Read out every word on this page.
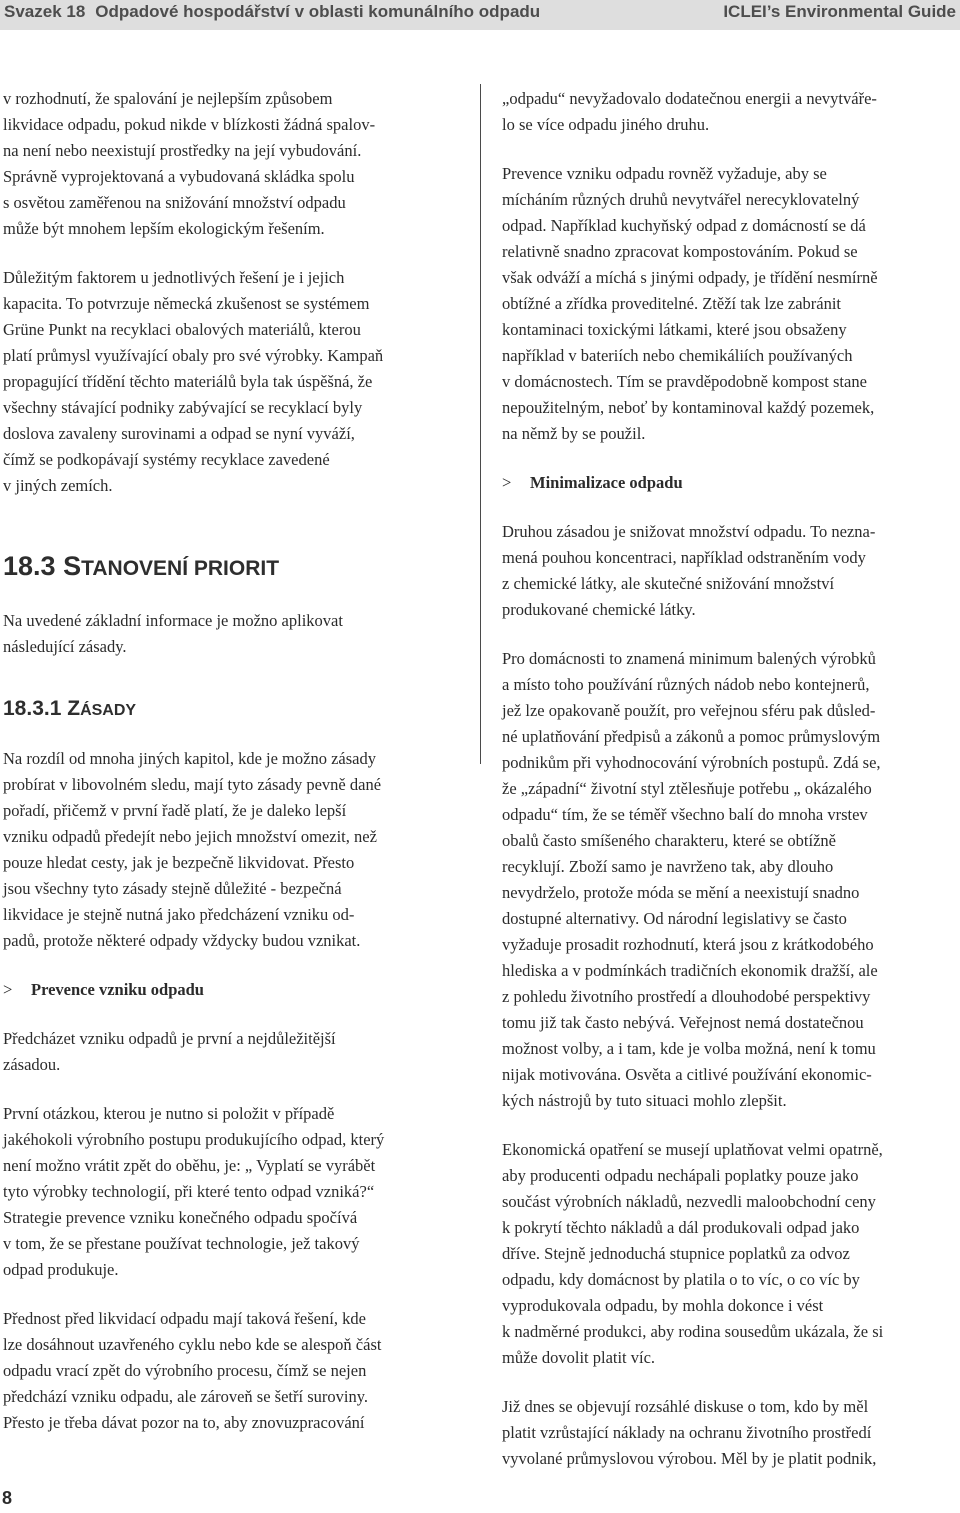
Svazek 18 Odpadové hospodářství v oblasti komunálního odpadu	ICLEI’s Environmental Guide

v rozhodnutí, že spalování je nejlepším způsobem
likvidace odpadu, pokud nikde v blízkosti žádná spalov-
na není nebo neexistují prostředky na její vybudování.
Správně vyprojektovaná a vybudovaná skládka spolu
s osvětou zaměřenou na snižování množství odpadu
může být mnohem lepším ekologickým řešením.

Důležitým faktorem u jednotlivých řešení je i jejich
kapacita. To potvrzuje německá zkušenost se systémem
Grüne Punkt na recyklaci obalových materiálů, kterou
platí průmysl využívající obaly pro své výrobky. Kampaň
propagující třídění těchto materiálů byla tak úspěšná, že
všechny stávající podniky zabývající se recyklací byly
doslova zavaleny surovinami a odpad se nyní vyváží,
čímž se podkopávají systémy recyklace zavedené
v jiných zemích.

18.3 STANOVENÍ PRIORIT

Na uvedené základní informace je možno aplikovat
následující zásady.

18.3.1 ZÁSADY

Na rozdíl od mnoha jiných kapitol, kde je možno zásady
probírat v libovolném sledu, mají tyto zásady pevně dané
pořadí, přičemž v první řadě platí, že je daleko lepší
vzniku odpadů předejít nebo jejich množství omezit, než
pouze hledat cesty, jak je bezpečně likvidovat. Přesto
jsou všechny tyto zásady stejně důležité - bezpečná
likvidace je stejně nutná jako předcházení vzniku od-
padů, protože některé odpady vždycky budou vznikat.

> Prevence vzniku odpadu

Předcházet vzniku odpadů je první a nejdůležitější
zásadou.

První otázkou, kterou je nutno si položit v případě
jakéhokoli výrobního postupu produkujícího odpad, který
není možno vrátit zpět do oběhu, je: „ Vyplatí se vyrábět
tyto výrobky technologií, při které tento odpad vzniká?“
Strategie prevence vzniku konečného odpadu spočívá
v tom, že se přestane používat technologie, jež takový
odpad produkuje.

Přednost před likvidací odpadu mají taková řešení, kde
lze dosáhnout uzavřeného cyklu nebo kde se alespoň část
odpadu vrací zpět do výrobního procesu, čímž se nejen
předchází vzniku odpadu, ale zároveň se šetří suroviny.
Přesto je třeba dávat pozor na to, aby znovuzpracování

„odpadu“ nevyžadovalo dodatečnou energii a nevytváře-
lo se více odpadu jiného druhu.

Prevence vzniku odpadu rovněž vyžaduje, aby se
mícháním různých druhů nevytvářel nerecyklovatelný
odpad. Například kuchyňský odpad z domácností se dá
relativně snadno zpracovat kompostováním. Pokud se
však odváží a míchá s jinými odpady, je třídění nesmírně
obtížné a zřídka proveditelné. Ztěží tak lze zabránit
kontaminaci toxickými látkami, které jsou obsaženy
například v bateriích nebo chemikáliích používaných
v domácnostech. Tím se pravděpodobně kompost stane
nepoužitelným, neboť by kontaminoval každý pozemek,
na němž by se použil.

> Minimalizace odpadu

Druhou zásadou je snižovat množství odpadu. To nezna-
mená pouhou koncentraci, například odstraněním vody
z chemické látky, ale skutečné snižování množství
produkované chemické látky.

Pro domácnosti to znamená minimum balených výrobků
a místo toho používání různých nádob nebo kontejnerů,
jež lze opakovaně použít, pro veřejnou sféru pak důsled-
né uplatňování předpisů a zákonů a pomoc průmyslovým
podnikům při vyhodnocování výrobních postupů. Zdá se,
že „západní“ životní styl ztělesňuje potřebu „ okázalého
odpadu“ tím, že se téměř všechno balí do mnoha vrstev
obalů často smíšeného charakteru, které se obtížně
recyklují. Zboží samo je navrženo tak, aby dlouho
nevydrželo, protože móda se mění a neexistují snadno
dostupné alternativy. Od národní legislativy se často
vyžaduje prosadit rozhodnutí, která jsou z krátkodobého
hlediska a v podmínkách tradičních ekonomik dražší, ale
z pohledu životního prostředí a dlouhodobé perspektivy
tomu již tak často nebývá. Veřejnost nemá dostatečnou
možnost volby, a i tam, kde je volba možná, není k tomu
nijak motivována. Osvěta a citlivé používání ekonomic-
kých nástrojů by tuto situaci mohlo zlepšit.

Ekonomická opatření se musejí uplatňovat velmi opatrně,
aby producenti odpadu nechápali poplatky pouze jako
součást výrobních nákladů, nezvedli maloobchodní ceny
k pokrytí těchto nákladů a dál produkovali odpad jako
dříve. Stejně jednoduchá stupnice poplatků za odvoz
odpadu, kdy domácnost by platila o to víc, o co víc by
vyprodukovala odpadu, by mohla dokonce i vést
k nadměrné produkci, aby rodina sousedům ukázala, že si
může dovolit platit víc.

Již dnes se objevují rozsáhlé diskuse o tom, kdo by měl
platit vzrůstající náklady na ochranu životního prostředí
vyvolané průmyslovou výrobou. Měl by je platit podnik,

8
